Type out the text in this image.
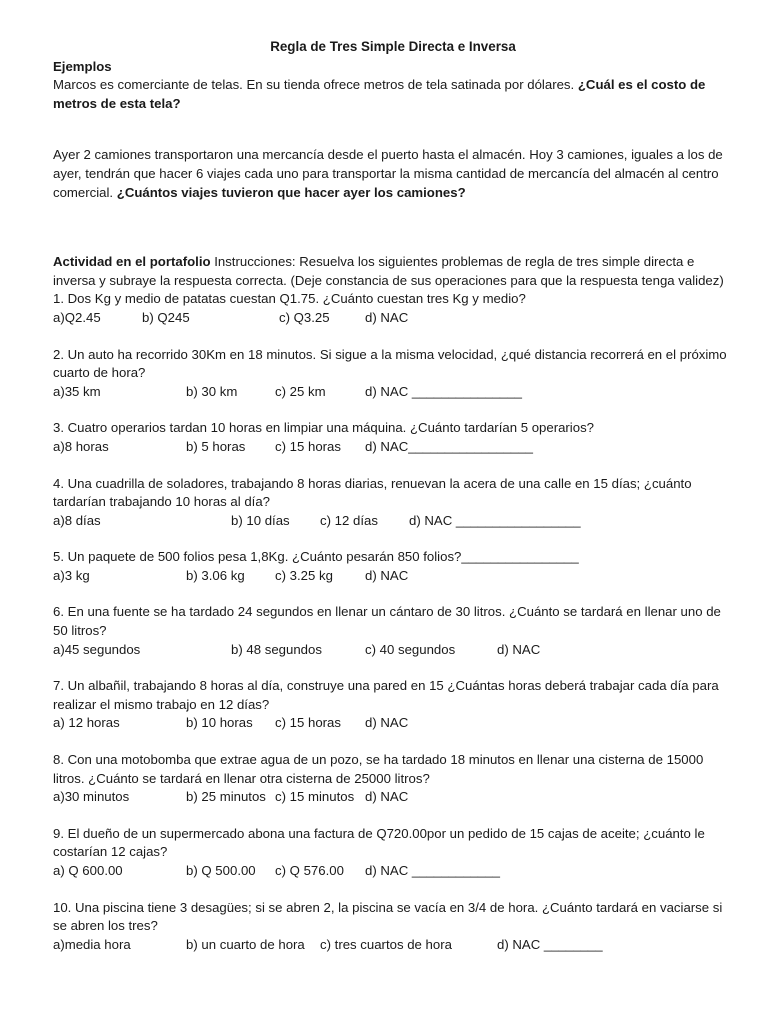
Regla de Tres Simple Directa e Inversa
Ejemplos

Marcos es comerciante de telas. En su tienda ofrece metros de tela satinada por dólares. ¿Cuál es el costo de metros de esta tela?

Ayer 2 camiones transportaron una mercancía desde el puerto hasta el almacén. Hoy 3 camiones, iguales a los de ayer, tendrán que hacer 6 viajes cada uno para transportar la misma cantidad de mercancía del almacén al centro comercial. ¿Cuántos viajes tuvieron que hacer ayer los camiones?

Actividad en el portafolio Instrucciones: Resuelva los siguientes problemas de regla de tres simple directa e inversa y subraye la respuesta correcta. (Deje constancia de sus operaciones para que la respuesta tenga validez)

1. Dos Kg y medio de patatas cuestan Q1.75. ¿Cuánto cuestan tres Kg y medio?
a)Q2.45	b) Q245	c) Q3.25	d) NAC
2. Un auto ha recorrido 30Km en 18 minutos. Si sigue a la misma velocidad, ¿qué distancia recorrerá en el próximo cuarto de hora?
a)35 km	b) 30 km	c) 25 km	d) NAC _______________
3. Cuatro operarios tardan 10 horas en limpiar una máquina. ¿Cuánto tardarían 5 operarios?
a)8 horas	b) 5 horas c) 15 horas d) NAC_________________
4. Una cuadrilla de soladores, trabajando 8 horas diarias, renuevan la acera de una calle en 15 días; ¿cuánto tardarían trabajando 10 horas al día?
a)8 días	b) 10 días c) 12 días d) NAC _________________
5. Un paquete de 500 folios pesa 1,8Kg. ¿Cuánto pesarán 850 folios?________________
a)3 kg	b) 3.06 kg c) 3.25 kg d) NAC
6. En una fuente se ha tardado 24 segundos en llenar un cántaro de 30 litros. ¿Cuánto se tardará en llenar uno de 50 litros?
a)45 segundos	b) 48 segundos	c) 40 segundos	d) NAC
7. Un albañil, trabajando 8 horas al día, construye una pared en 15 ¿Cuántas horas deberá trabajar cada día para realizar el mismo trabajo en 12 días?
a) 12 horas	b) 10 horas c) 15 horas d) NAC
8. Con una motobomba que extrae agua de un pozo, se ha tardado 18 minutos en llenar una cisterna de 15000 litros. ¿Cuánto se tardará en llenar otra cisterna de 25000 litros?
a)30 minutos	b) 25 minutos c) 15 minutos d) NAC
9. El dueño de un supermercado abona una factura de Q720.00por un pedido de 15 cajas de aceite; ¿cuánto le costarían 12 cajas?
a) Q 600.00	b) Q 500.00 c) Q 576.00 d) NAC ____________
10. Una piscina tiene 3 desagües; si se abren 2, la piscina se vacía en 3/4 de hora. ¿Cuánto tardará en vaciarse si se abren los tres?
a)media hora	b) un cuarto de hora c) tres cuartos de hora	d) NAC ________
